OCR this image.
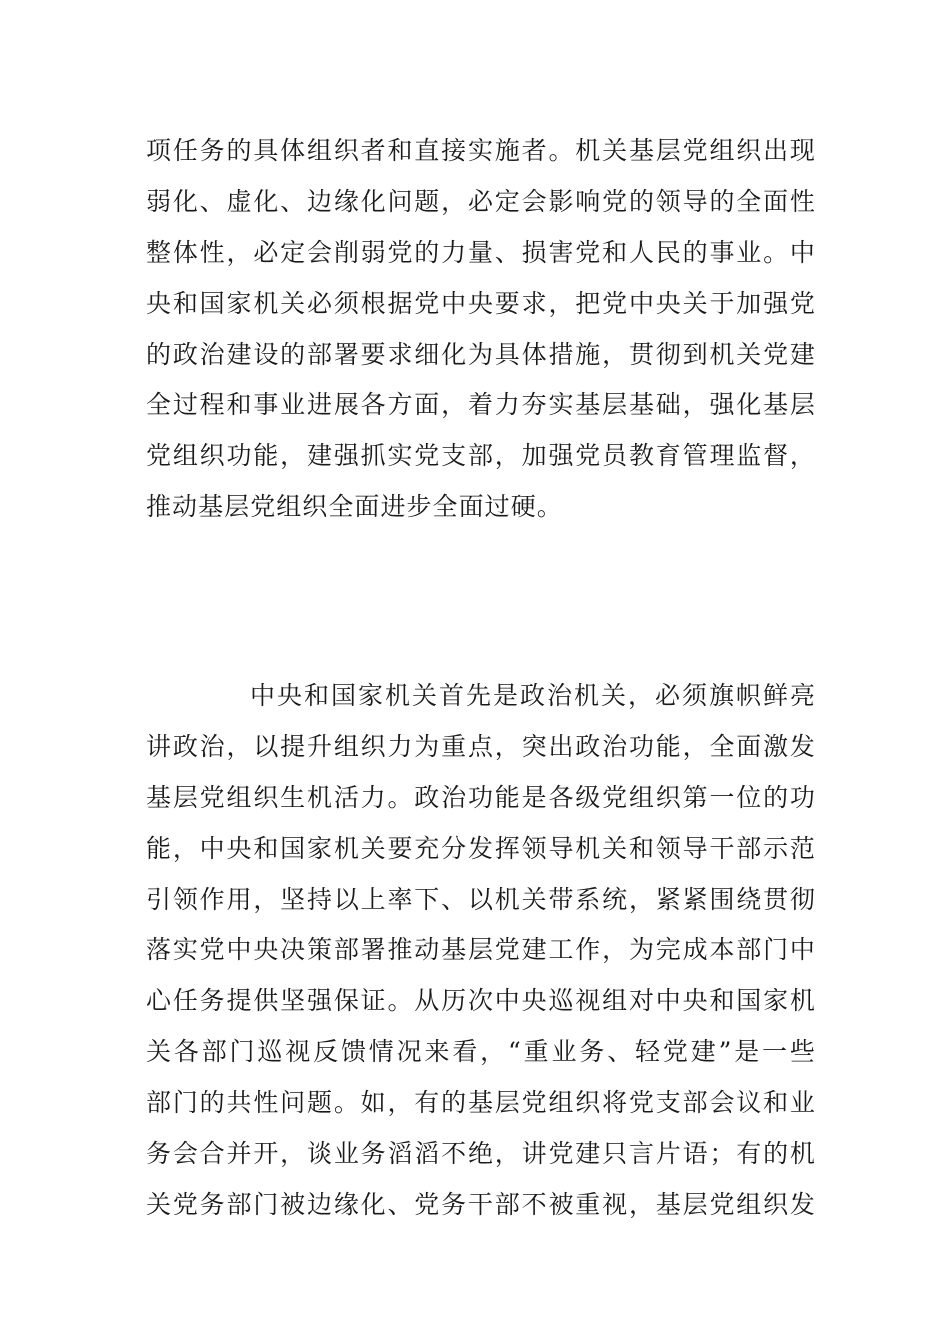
项任务的具体组织者和直接实施者。机关基层党组织出现
弱化、虚化、边缘化问题，必定会影响党的领导的全面性
整体性，必定会削弱党的力量、损害党和人民的事业。中
央和国家机关必须根据党中央要求，把党中央关于加强党
的政治建设的部署要求细化为具体措施，贯彻到机关党建
全过程和事业进展各方面，着力夯实基层基础，强化基层
党组织功能，建强抓实党支部，加强党员教育管理监督，
推动基层党组织全面进步全面过硬。
中央和国家机关首先是政治机关，必须旗帜鲜亮
讲政治，以提升组织力为重点，突出政治功能，全面激发
基层党组织生机活力。政治功能是各级党组织第一位的功
能，中央和国家机关要充分发挥领导机关和领导干部示范
引领作用，坚持以上率下、以机关带系统，紧紧围绕贯彻
落实党中央决策部署推动基层党建工作，为完成本部门中
心任务提供坚强保证。从历次中央巡视组对中央和国家机
关各部门巡视反馈情况来看，“重业务、轻党建”是一些
部门的共性问题。如，有的基层党组织将党支部会议和业
务会合并开，谈业务滔滔不绝，讲党建只言片语；有的机
关党务部门被边缘化、党务干部不被重视，基层党组织发
